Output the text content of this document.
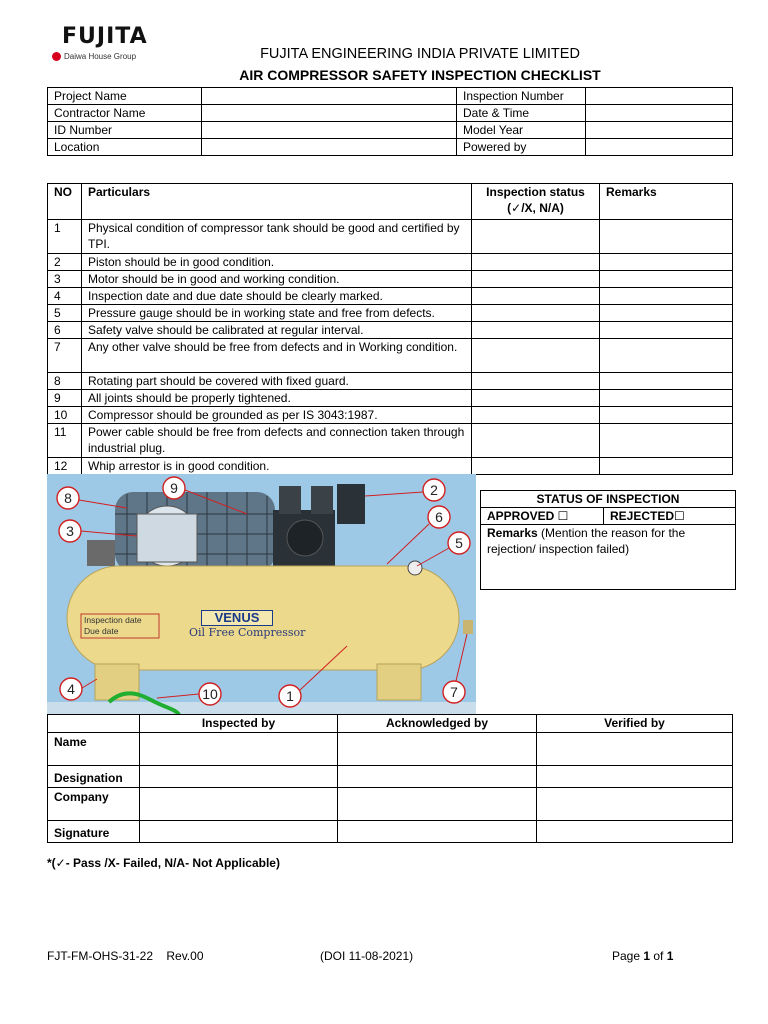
FUJITA
Daiwa House Group	FUJITA ENGINEERING INDIA PRIVATE LIMITED
AIR COMPRESSOR SAFETY INSPECTION CHECKLIST
Project Name		Inspection Number	
Contractor Name		Date & Time	
ID Number		Model Year	
Location		Powered by	
NO	Particulars	Inspection status
(✓/X, N/A)	Remarks
1	Physical condition of compressor tank should be good and certified by TPI.		
2	Piston should be in good condition.		
3	Motor should be in good and working condition.		
4	Inspection date and due date should be clearly marked.		
5	Pressure gauge should be in working state and free from defects.		
6	Safety valve should be calibrated at regular interval.		
7	Any other valve should be free from defects and in Working condition.		
8	Rotating part should be covered with fixed guard.		
9	All joints should be properly tightened.		
10	Compressor should be grounded as per IS 3043:1987.		
11	Power cable should be free from defects and connection taken through industrial plug.		
12	Whip arrestor is in good condition.		
1
2
3
4
5
6
7
8
9
10
VENUS
Oil Free Compressor
Inspection date
Due date
STATUS OF INSPECTION
APPROVED ☐	REJECTED☐
Remarks (Mention the reason for the rejection/ inspection failed)
	Inspected by	Acknowledged by	Verified by
Name			
Designation			
Company			
Signature			
*(✓- Pass /X- Failed, N/A- Not Applicable)
FJT-FM-OHS-31-22 Rev.00	(DOI 11-08-2021)	Page 1 of 1
